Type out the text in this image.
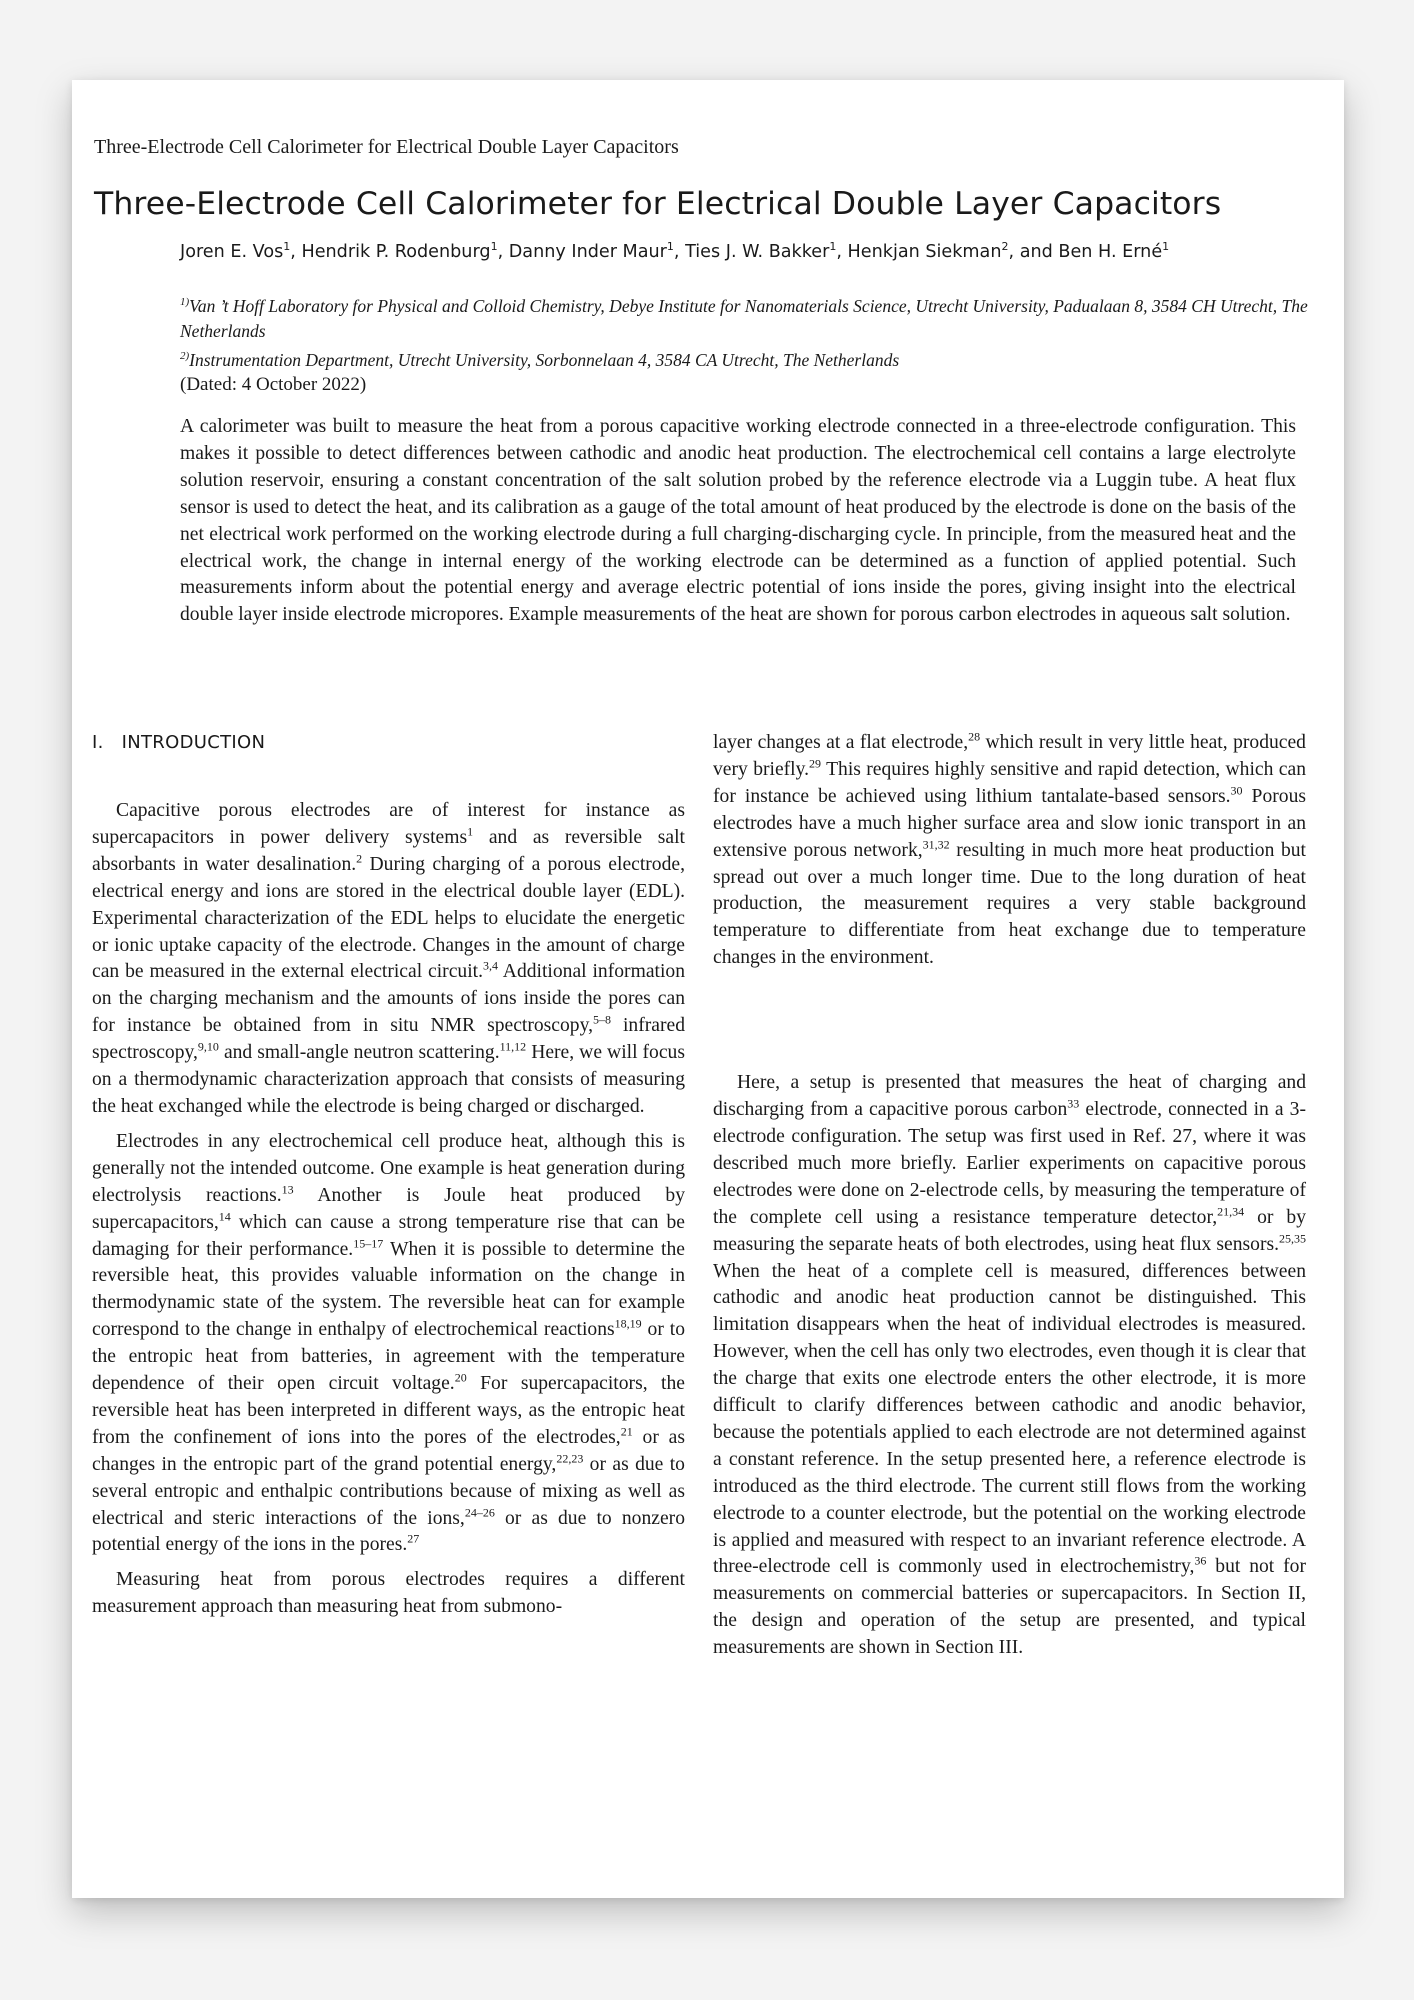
Three-Electrode Cell Calorimeter for Electrical Double Layer Capacitors
Three-Electrode Cell Calorimeter for Electrical Double Layer Capacitors
Joren E. Vos$^1$, Hendrik P. Rodenburg$^1$, Danny Inder Maur$^1$, Ties J. W. Bakker$^1$, Henkjan Siekman$^2$, and Ben H. Erné$^1$
$^{1)}$Van ’t Hoff Laboratory for Physical and Colloid Chemistry, Debye Institute for Nanomaterials Science, Utrecht University, Padualaan 8, 3584 CH Utrecht, The Netherlands
$^{2)}$Instrumentation Department, Utrecht University, Sorbonnelaan 4, 3584 CA Utrecht, The Netherlands
(Dated: 4 October 2022)

A calorimeter was built to measure the heat from a porous capacitive working electrode connected in a three-electrode configuration. This makes it possible to detect differences between cathodic and anodic heat production. The electrochemical cell contains a large electrolyte solution reservoir, ensuring a constant concentration of the salt solution probed by the reference electrode via a Luggin tube. A heat flux sensor is used to detect the heat, and its calibration as a gauge of the total amount of heat produced by the electrode is done on the basis of the net electrical work performed on the working electrode during a full charging-discharging cycle. In principle, from the measured heat and the electrical work, the change in internal energy of the working electrode can be determined as a function of applied potential. Such measurements inform about the potential energy and average electric potential of ions inside the pores, giving insight into the electrical double layer inside electrode micropores. Example measurements of the heat are shown for porous carbon electrodes in aqueous salt solution.

I. INTRODUCTION

Capacitive porous electrodes are of interest for instance as supercapacitors in power delivery systems$^1$ and as reversible salt absorbants in water desalination.$^2$ During charging of a porous electrode, electrical energy and ions are stored in the electrical double layer (EDL). Experimental characterization of the EDL helps to elucidate the energetic or ionic uptake capacity of the electrode. Changes in the amount of charge can be measured in the external electrical circuit.$^{3,4}$ Additional information on the charging mechanism and the amounts of ions inside the pores can for instance be obtained from in situ NMR spectroscopy,$^{5-8}$ infrared spectroscopy,$^{9,10}$ and small-angle neutron scattering.$^{11,12}$ Here, we will focus on a thermodynamic characterization approach that consists of measuring the heat exchanged while the electrode is being charged or discharged.

Electrodes in any electrochemical cell produce heat, although this is generally not the intended outcome. One example is heat generation during electrolysis reactions.$^{13}$ Another is Joule heat produced by supercapacitors,$^{14}$ which can cause a strong temperature rise that can be damaging for their performance.$^{15-17}$ When it is possible to determine the reversible heat, this provides valuable information on the change in thermodynamic state of the system. The reversible heat can for example correspond to the change in enthalpy of electrochemical reactions$^{18,19}$ or to the entropic heat from batteries, in agreement with the temperature dependence of their open circuit voltage.$^{20}$ For supercapacitors, the reversible heat has been interpreted in different ways, as the entropic heat from the confinement of ions into the pores of the electrodes,$^{21}$ or as changes in the entropic part of the grand potential energy,$^{22,23}$ or as due to several entropic and enthalpic contributions because of mixing as well as electrical and steric interactions of the ions,$^{24-26}$ or as due to nonzero potential energy of the ions in the pores.$^{27}$

Measuring heat from porous electrodes requires a different measurement approach than measuring heat from submono-

layer changes at a flat electrode,$^{28}$ which result in very little heat, produced very briefly.$^{29}$ This requires highly sensitive and rapid detection, which can for instance be achieved using lithium tantalate-based sensors.$^{30}$ Porous electrodes have a much higher surface area and slow ionic transport in an extensive porous network,$^{31,32}$ resulting in much more heat production but spread out over a much longer time. Due to the long duration of heat production, the measurement requires a very stable background temperature to differentiate from heat exchange due to temperature changes in the environment.

Here, a setup is presented that measures the heat of charging and discharging from a capacitive porous carbon$^{33}$ electrode, connected in a 3-electrode configuration. The setup was first used in Ref. 27, where it was described much more briefly. Earlier experiments on capacitive porous electrodes were done on 2-electrode cells, by measuring the temperature of the complete cell using a resistance temperature detector,$^{21,34}$ or by measuring the separate heats of both electrodes, using heat flux sensors.$^{25,35}$ When the heat of a complete cell is measured, differences between cathodic and anodic heat production cannot be distinguished. This limitation disappears when the heat of individual electrodes is measured. However, when the cell has only two electrodes, even though it is clear that the charge that exits one electrode enters the other electrode, it is more difficult to clarify differences between cathodic and anodic behavior, because the potentials applied to each electrode are not determined against a constant reference. In the setup presented here, a reference electrode is introduced as the third electrode. The current still flows from the working electrode to a counter electrode, but the potential on the working electrode is applied and measured with respect to an invariant reference electrode. A three-electrode cell is commonly used in electrochemistry,$^{36}$ but not for measurements on commercial batteries or supercapacitors. In Section II, the design and operation of the setup are presented, and typical measurements are shown in Section III.
